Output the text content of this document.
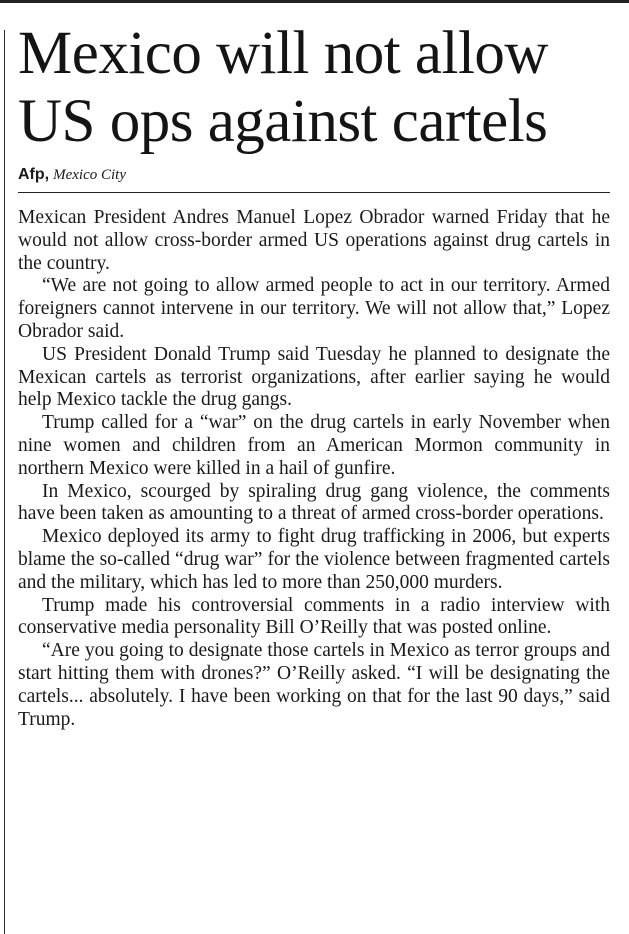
Mexico will not allow
US ops against cartels
Afp, Mexico City

Mexican President Andres Manuel Lopez Obrador warned Friday that he would not allow cross-border armed US operations against drug cartels in the country.

“We are not going to allow armed people to act in our territory. Armed foreigners cannot intervene in our territory. We will not allow that,” Lopez Obrador said.

US President Donald Trump said Tuesday he planned to designate the Mexican cartels as terrorist organizations, after earlier saying he would help Mexico tackle the drug gangs.

Trump called for a “war” on the drug cartels in early November when nine women and children from an American Mormon community in northern Mexico were killed in a hail of gunfire.

In Mexico, scourged by spiraling drug gang violence, the comments have been taken as amounting to a threat of armed cross-border operations.

Mexico deployed its army to fight drug trafficking in 2006, but experts blame the so-called “drug war” for the violence between fragmented cartels and the military, which has led to more than 250,000 murders.

Trump made his controversial comments in a radio interview with conservative media personality Bill O’Reilly that was posted online.

“Are you going to designate those cartels in Mexico as terror groups and start hitting them with drones?” O’Reilly asked. “I will be designating the cartels... absolutely. I have been working on that for the last 90 days,” said Trump.
